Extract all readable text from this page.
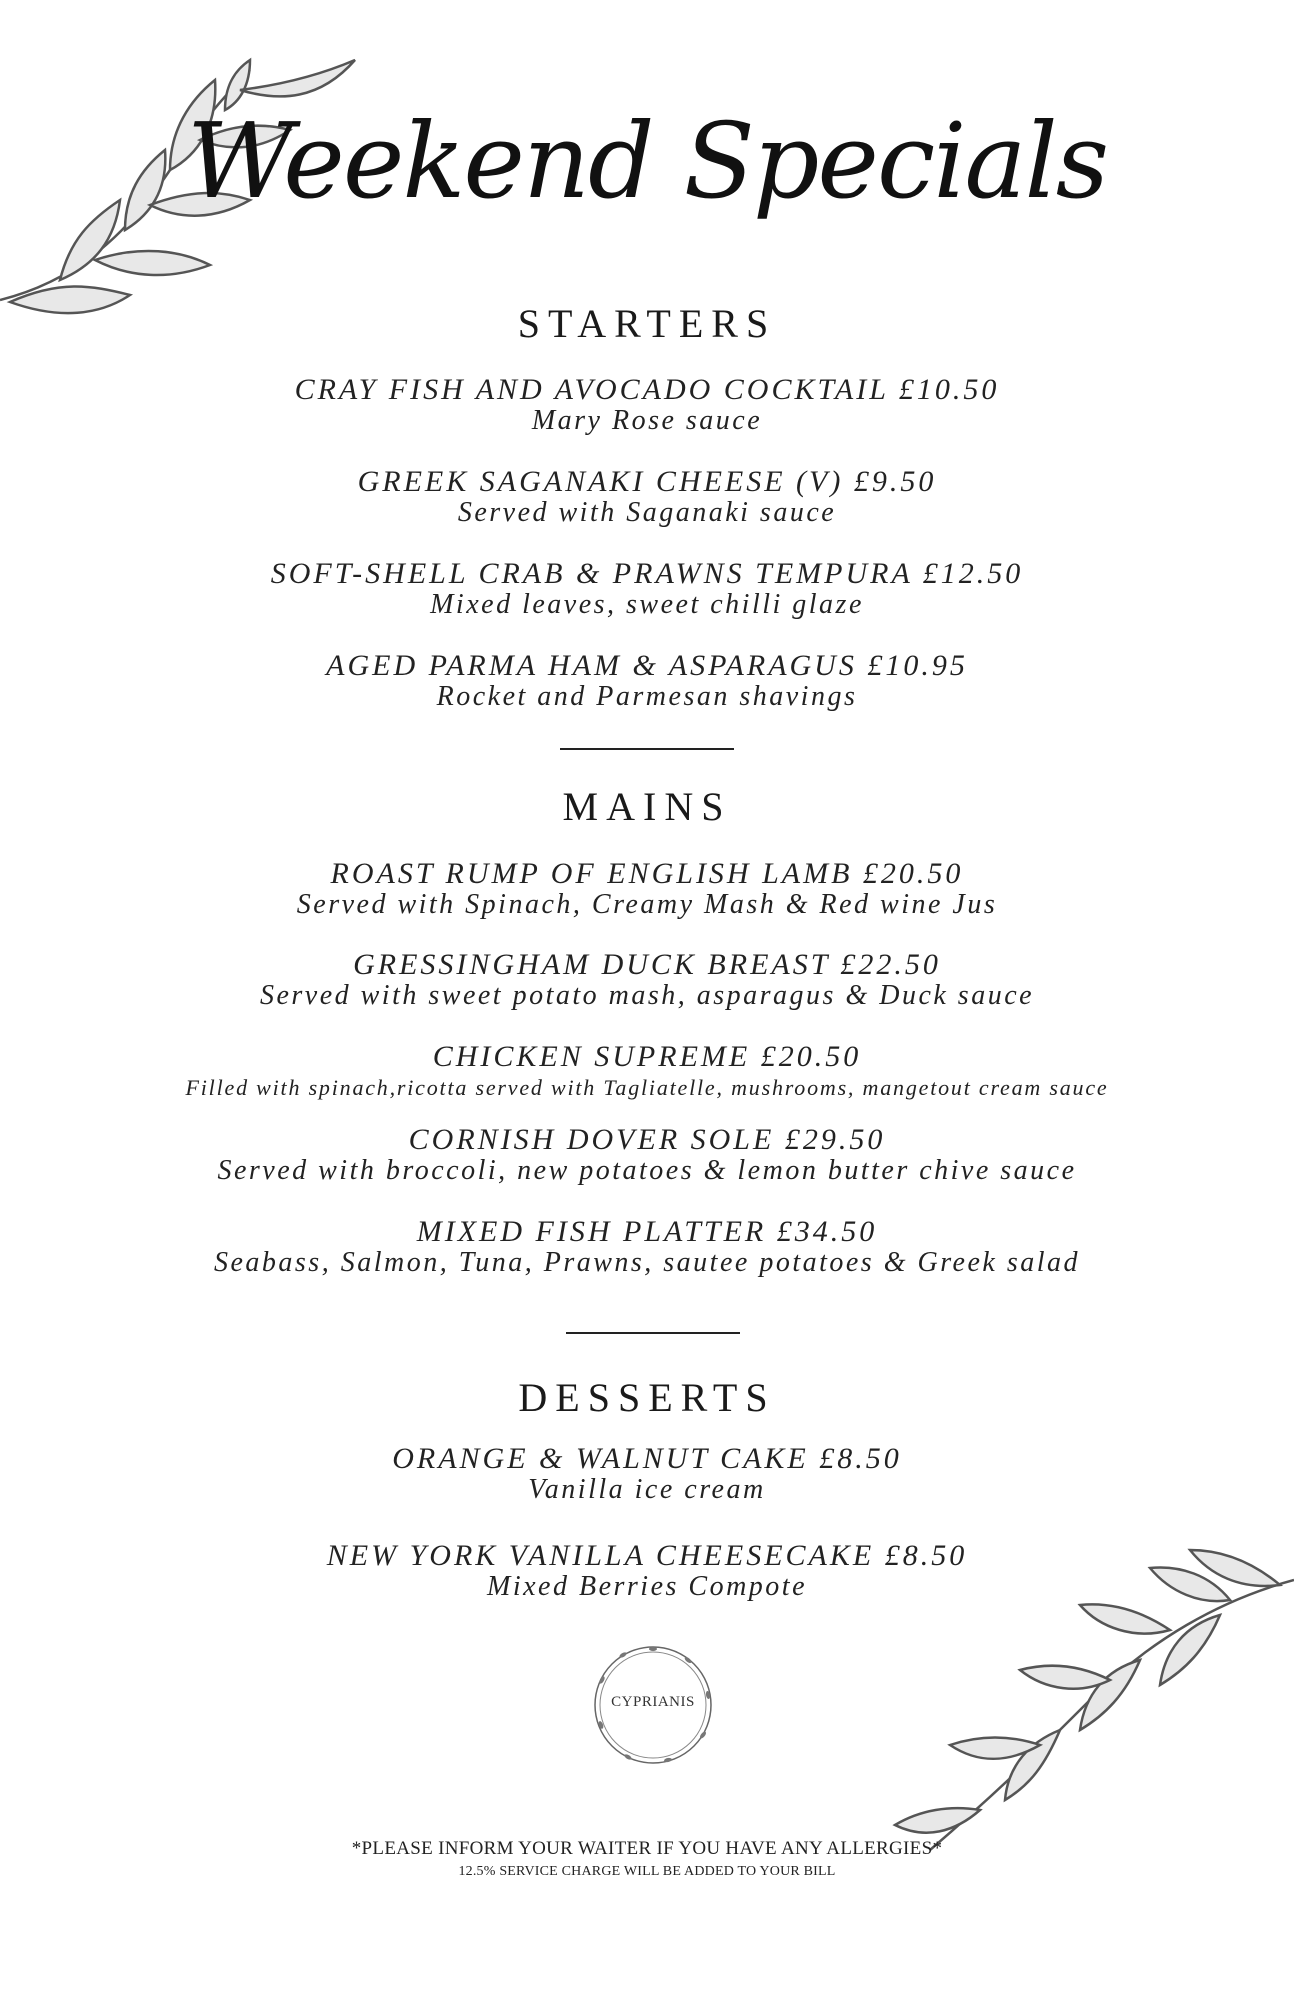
Weekend Specials
STARTERS
CRAY FISH AND AVOCADO COCKTAIL £10.50
Mary Rose sauce
GREEK SAGANAKI CHEESE (V) £9.50
Served with Saganaki sauce
SOFT-SHELL CRAB & PRAWNS TEMPURA £12.50
Mixed leaves, sweet chilli glaze
AGED PARMA HAM & ASPARAGUS £10.95
Rocket and Parmesan shavings
MAINS
ROAST RUMP OF ENGLISH LAMB £20.50
Served with Spinach, Creamy Mash & Red wine Jus
GRESSINGHAM DUCK BREAST £22.50
Served with sweet potato mash, asparagus & Duck sauce
CHICKEN SUPREME £20.50
Filled with spinach,ricotta served with Tagliatelle, mushrooms, mangetout cream sauce
CORNISH DOVER SOLE £29.50
Served with broccoli, new potatoes & lemon butter chive sauce
MIXED FISH PLATTER £34.50
Seabass, Salmon, Tuna, Prawns, sautee potatoes & Greek salad
DESSERTS
ORANGE & WALNUT CAKE £8.50
Vanilla ice cream
NEW YORK VANILLA CHEESECAKE £8.50
Mixed Berries Compote
CYPRIANIS
*PLEASE INFORM YOUR WAITER IF YOU HAVE ANY ALLERGIES*
12.5% SERVICE CHARGE WILL BE ADDED TO YOUR BILL
